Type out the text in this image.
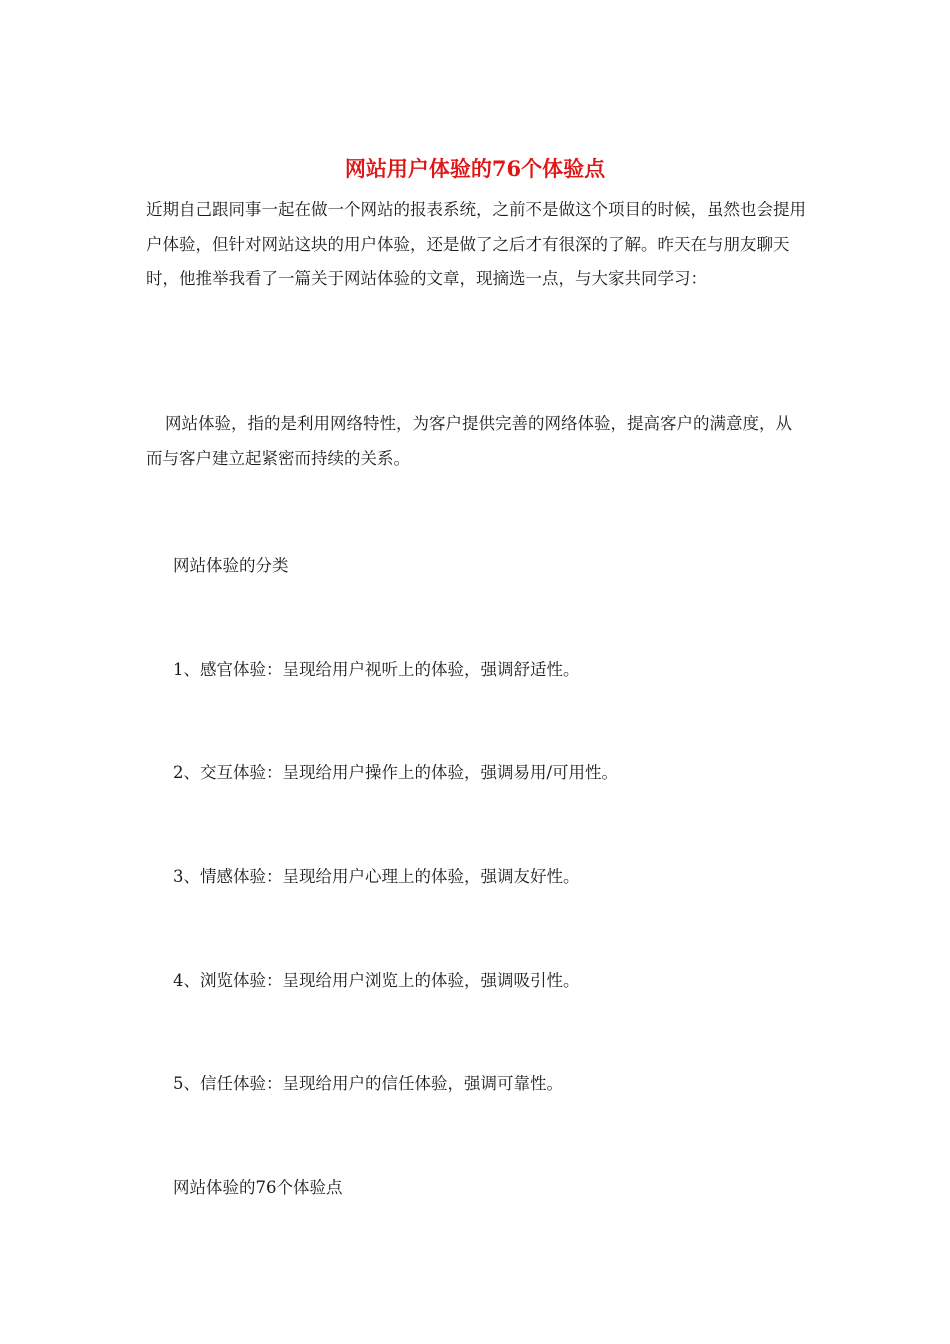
网站用户体验的76个体验点

近期自己跟同事一起在做一个网站的报表系统，之前不是做这个项目的时候，虽然也会提用户体验，但针对网站这块的用户体验，还是做了之后才有很深的了解。昨天在与朋友聊天时，他推举我看了一篇关于网站体验的文章，现摘选一点，与大家共同学习：

网站体验，指的是利用网络特性，为客户提供完善的网络体验，提高客户的满意度，从而与客户建立起紧密而持续的关系。

网站体验的分类
1、感官体验：呈现给用户视听上的体验，强调舒适性。
2、交互体验：呈现给用户操作上的体验，强调易用/可用性。
3、情感体验：呈现给用户心理上的体验，强调友好性。
4、浏览体验：呈现给用户浏览上的体验，强调吸引性。
5、信任体验：呈现给用户的信任体验，强调可靠性。
网站体验的76个体验点
